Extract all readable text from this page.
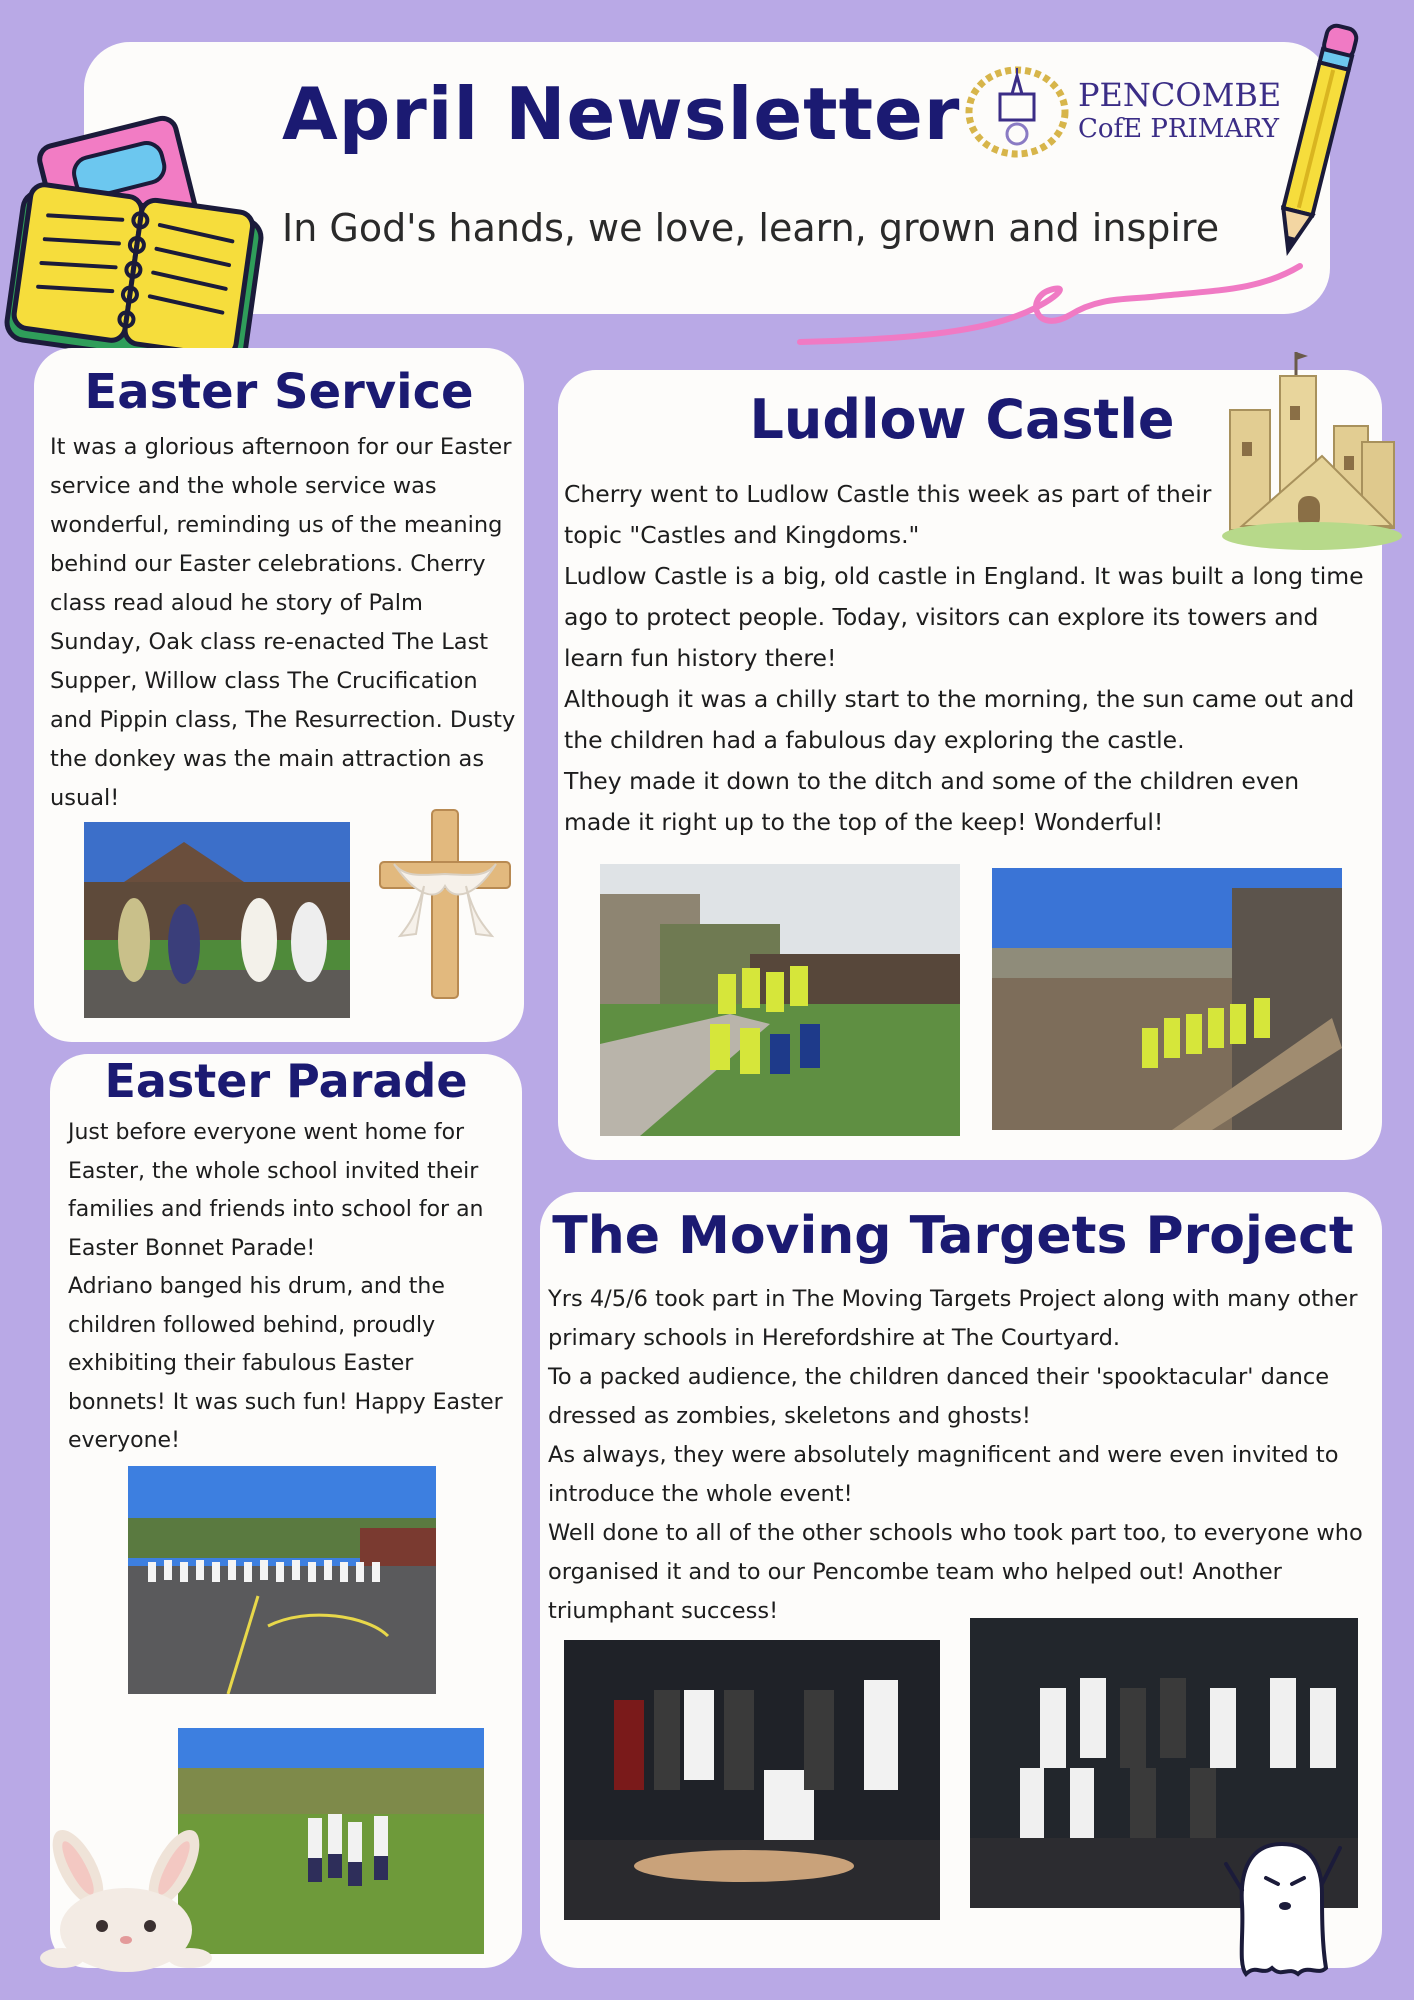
April Newsletter
In God's hands, we love, learn, grown and inspire
PENCOMBE
CofE PRIMARY
Easter Service

It was a glorious afternoon for our Easter service and the whole service was wonderful, reminding us of the meaning behind our Easter celebrations. Cherry class read aloud he story of Palm Sunday, Oak class re-enacted The Last Supper, Willow class The Crucification and Pippin class, The Resurrection. Dusty the donkey was the main attraction as usual!

Ludlow Castle

Cherry went to Ludlow Castle this week as part of their topic "Castles and Kingdoms."

Ludlow Castle is a big, old castle in England. It was built a long time ago to protect people. Today, visitors can explore its towers and learn fun history there!

Although it was a chilly start to the morning, the sun came out and the children had a fabulous day exploring the castle.

They made it down to the ditch and some of the children even made it right up to the top of the keep! Wonderful!

Easter Parade

Just before everyone went home for Easter, the whole school invited their families and friends into school for an Easter Bonnet Parade!

Adriano banged his drum, and the children followed behind, proudly exhibiting their fabulous Easter bonnets! It was such fun! Happy Easter everyone!

The Moving Targets Project

Yrs 4/5/6 took part in The Moving Targets Project along with many other primary schools in Herefordshire at The Courtyard.

To a packed audience, the children danced their 'spooktacular' dance dressed as zombies, skeletons and ghosts!

As always, they were absolutely magnificent and were even invited to introduce the whole event!

Well done to all of the other schools who took part too, to everyone who organised it and to our Pencombe team who helped out! Another triumphant success!
